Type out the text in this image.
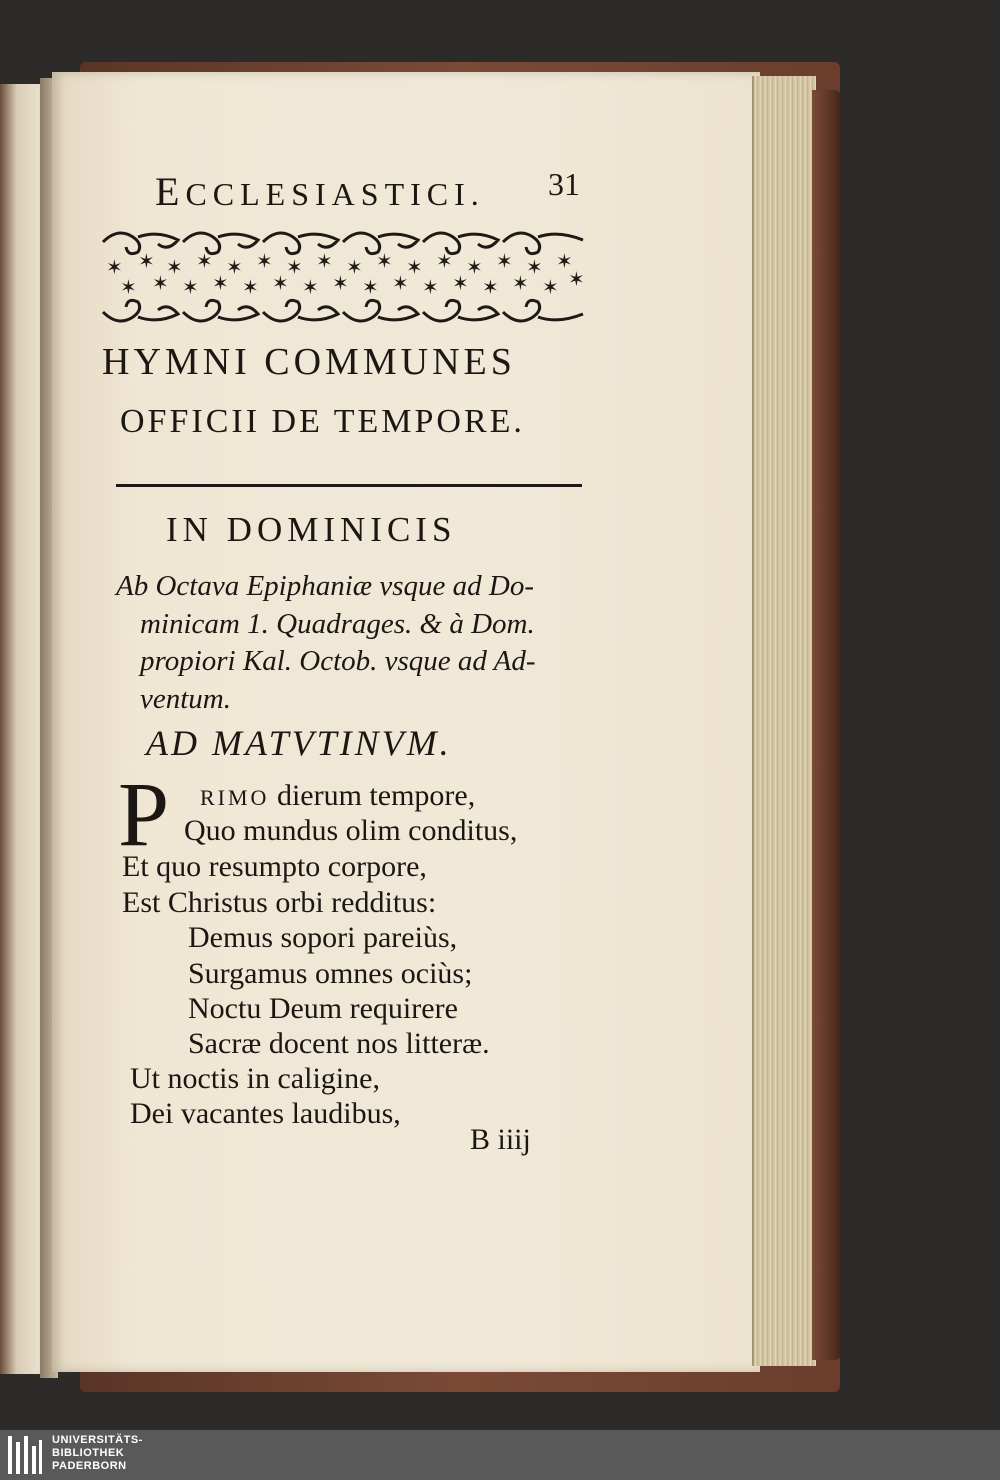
ECCLESIASTICI. 31
✶ ✶ ✶ ✶ ✶ ✶ ✶ ✶ ✶ ✶ ✶ ✶ ✶ ✶ ✶ ✶
✶ ✶ ✶ ✶ ✶ ✶ ✶ ✶ ✶ ✶ ✶ ✶ ✶ ✶ ✶ ✶
HYMNI COMMUNES
OFFICII DE TEMPORE.
IN DOMINICIS
Ab Octava Epiphaniæ vsque ad Do-
minicam 1. Quadrages. & à Dom.
propiori Kal. Octob. vsque ad Ad-
ventum.
AD MATVTINVM.
P RIMO dierum tempore,
Quo mundus olim conditus,
Et quo resumpto corpore,
Est Christus orbi redditus:
Demus sopori pareiùs,
Surgamus omnes ociùs;
Noctu Deum requirere
Sacræ docent nos litteræ.
Ut noctis in caligine,
Dei vacantes laudibus,
B iiij
UNIVERSITÄTS-
BIBLIOTHEK
PADERBORN
